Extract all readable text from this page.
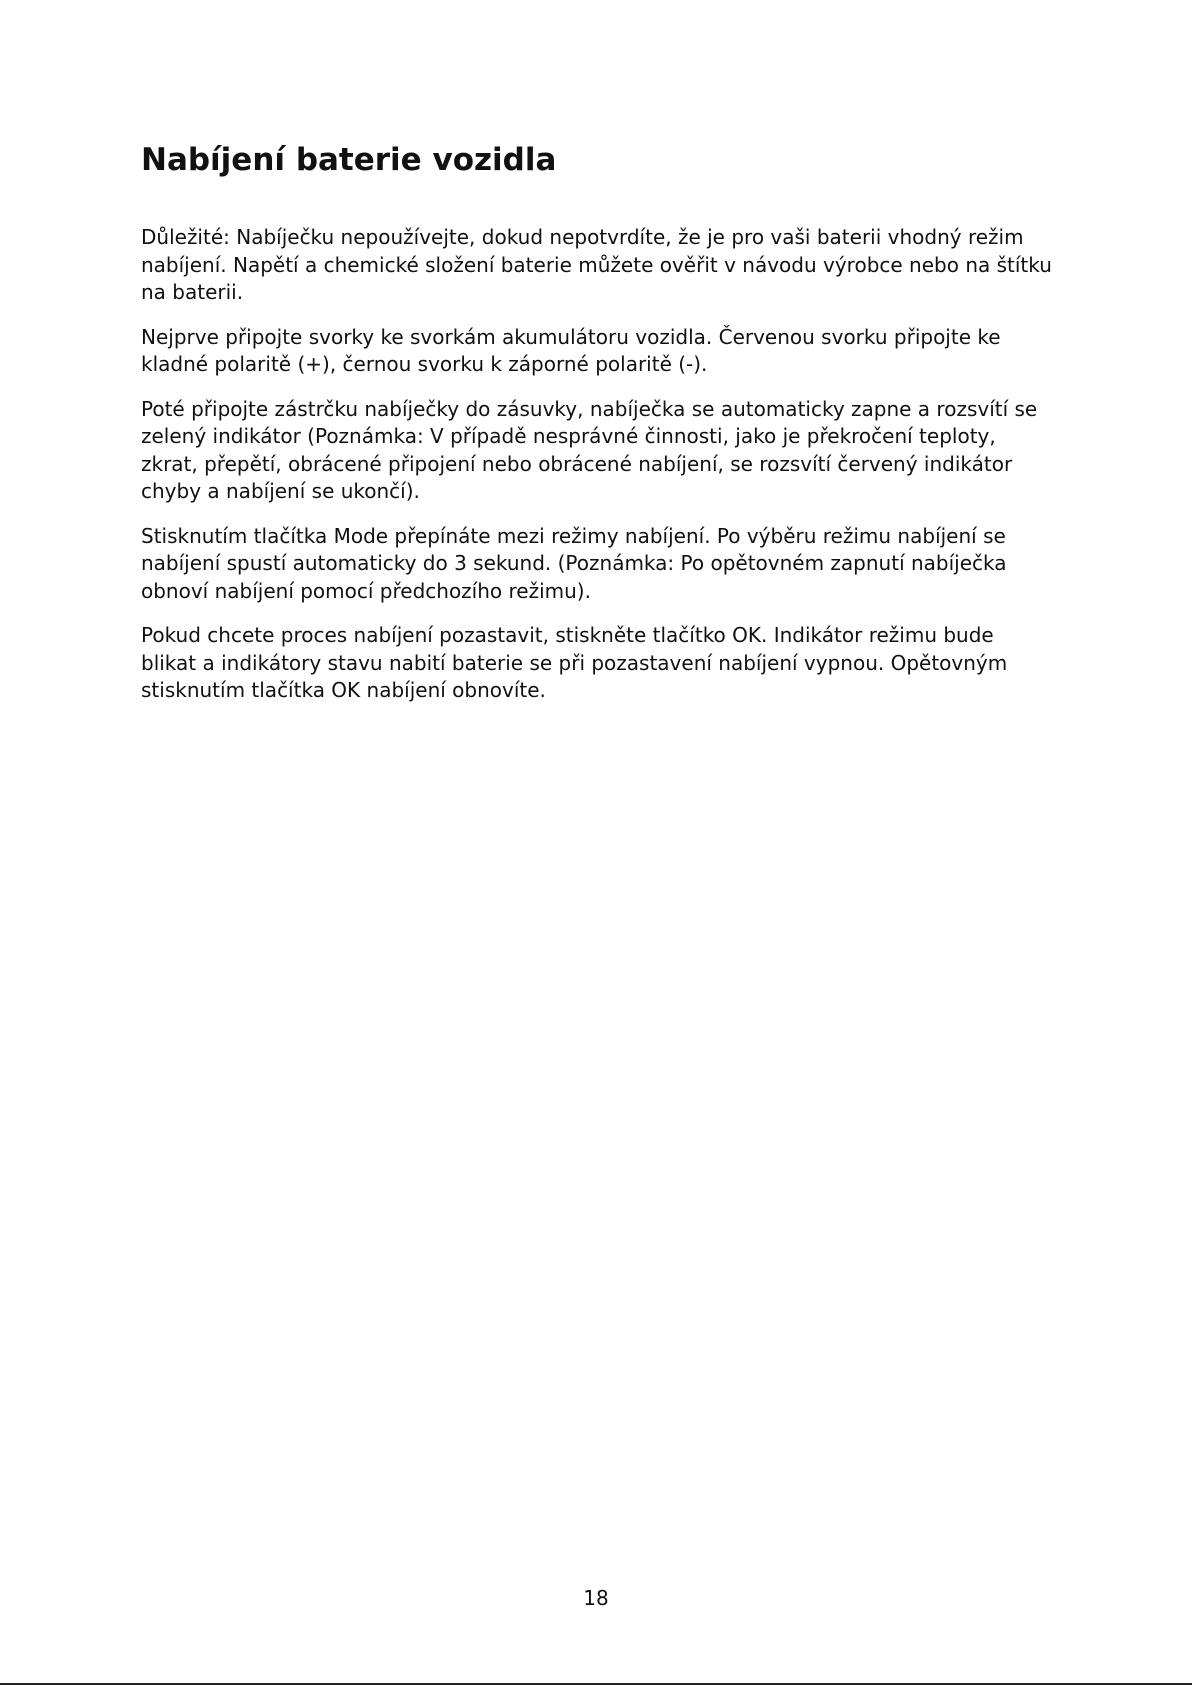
Nabíjení baterie vozidla

Důležité: Nabíječku nepoužívejte, dokud nepotvrdíte, že je pro vaši baterii vhodný režim
nabíjení. Napětí a chemické složení baterie můžete ověřit v návodu výrobce nebo na štítku
na baterii.

Nejprve připojte svorky ke svorkám akumulátoru vozidla. Červenou svorku připojte ke
kladné polaritě (+), černou svorku k záporné polaritě (-).

Poté připojte zástrčku nabíječky do zásuvky, nabíječka se automaticky zapne a rozsvítí se
zelený indikátor (Poznámka: V případě nesprávné činnosti, jako je překročení teploty,
zkrat, přepětí, obrácené připojení nebo obrácené nabíjení, se rozsvítí červený indikátor
chyby a nabíjení se ukončí).

Stisknutím tlačítka Mode přepínáte mezi režimy nabíjení. Po výběru režimu nabíjení se
nabíjení spustí automaticky do 3 sekund. (Poznámka: Po opětovném zapnutí nabíječka
obnoví nabíjení pomocí předchozího režimu).

Pokud chcete proces nabíjení pozastavit, stiskněte tlačítko OK. Indikátor režimu bude
blikat a indikátory stavu nabití baterie se při pozastavení nabíjení vypnou. Opětovným
stisknutím tlačítka OK nabíjení obnovíte.

18
